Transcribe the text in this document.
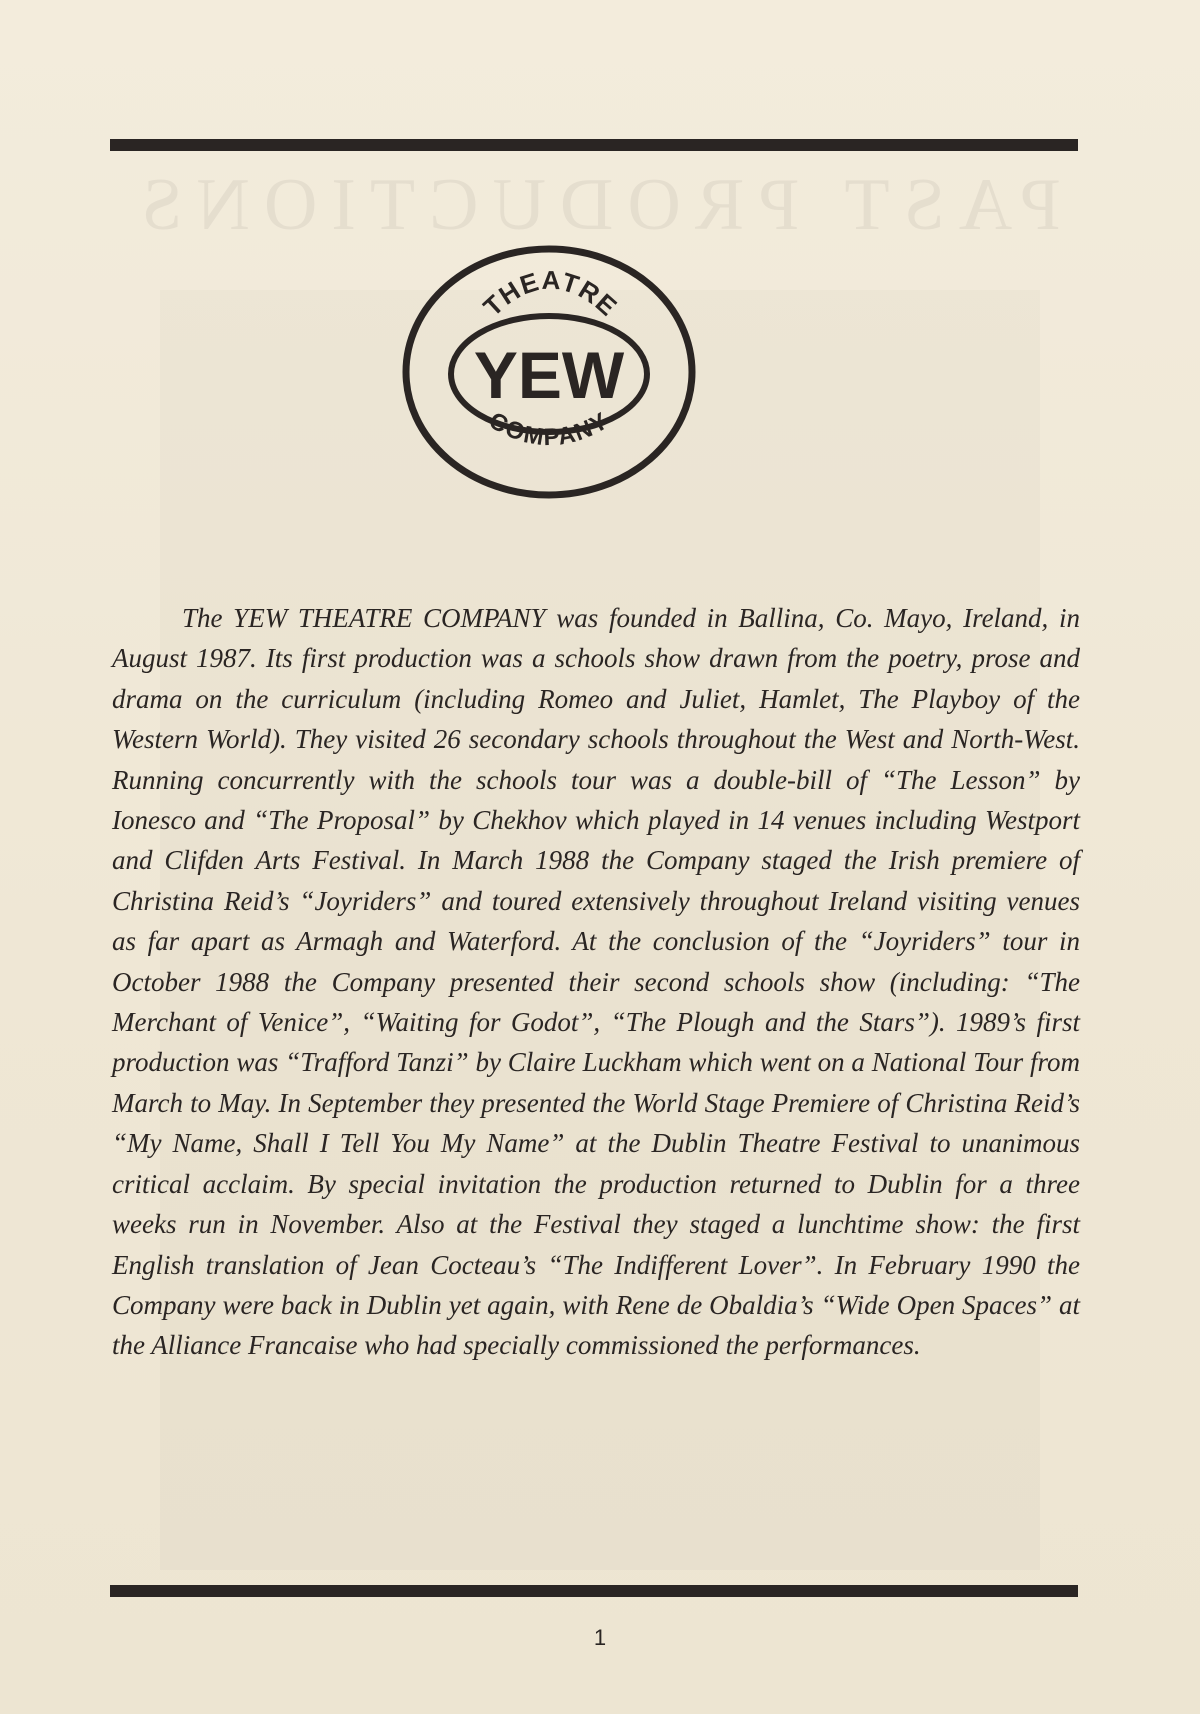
PAST PRODUCTIONS
THEATRE
YEW
COMPANY

The YEW THEATRE COMPANY was founded in Ballina, Co. Mayo, Ireland, in August 1987. Its first production was a schools show drawn from the poetry, prose and drama on the curriculum (including Romeo and Juliet, Hamlet, The Playboy of the Western World). They visited 26 secondary schools throughout the West and North-West. Running concurrently with the schools tour was a double-bill of “The Lesson” by Ionesco and “The Proposal” by Chekhov which played in 14 venues including Westport and Clifden Arts Festival. In March 1988 the Company staged the Irish premiere of Christina Reid’s “Joyriders” and toured extensively throughout Ireland visiting venues as far apart as Armagh and Waterford. At the conclusion of the “Joyriders” tour in October 1988 the Company presented their second schools show (including: “The Merchant of Venice”, “Waiting for Godot”, “The Plough and the Stars”). 1989’s first production was “Trafford Tanzi” by Claire Luckham which went on a National Tour from March to May. In September they presented the World Stage Premiere of Christina Reid’s “My Name, Shall I Tell You My Name” at the Dublin Theatre Festival to unanimous critical acclaim. By special invitation the production returned to Dublin for a three weeks run in November. Also at the Festival they staged a lunchtime show: the first English translation of Jean Cocteau’s “The Indifferent Lover”. In February 1990 the Company were back in Dublin yet again, with Rene de Obaldia’s “Wide Open Spaces” at the Alliance Francaise who had specially commissioned the performances.

1
